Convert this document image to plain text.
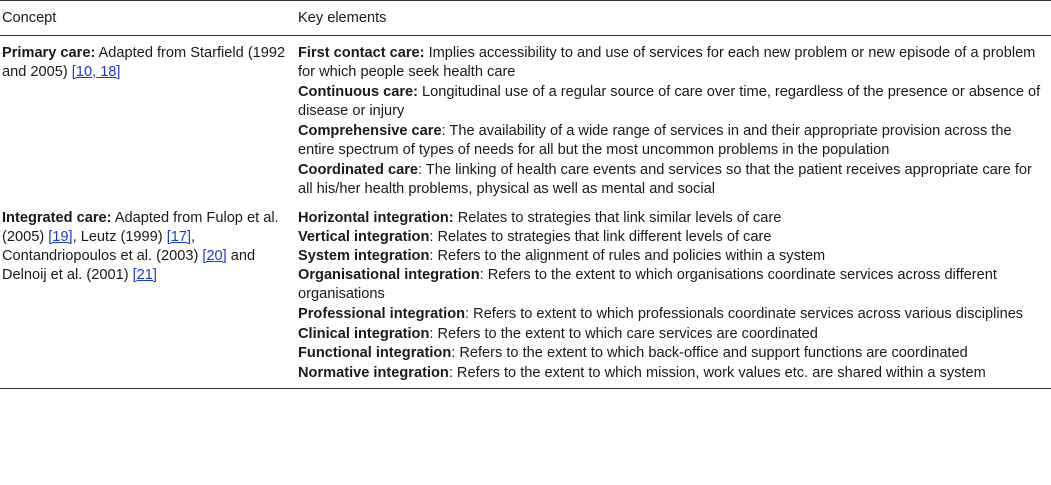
Concept	Key elements
Primary care: Adapted from Starfield (1992 and 2005) [10, 18]
First contact care: Implies accessibility to and use of services for each new problem or new episode of a problem for which people seek health care
Continuous care: Longitudinal use of a regular source of care over time, regardless of the presence or absence of disease or injury
Comprehensive care: The availability of a wide range of services in and their appropriate provision across the entire spectrum of types of needs for all but the most uncommon problems in the population
Coordinated care: The linking of health care events and services so that the patient receives appropriate care for all his/her health problems, physical as well as mental and social
Integrated care: Adapted from Fulop et al. (2005) [19], Leutz (1999) [17], Contandriopoulos et al. (2003) [20] and Delnoij et al. (2001) [21]
Horizontal integration: Relates to strategies that link similar levels of care
Vertical integration: Relates to strategies that link different levels of care
System integration: Refers to the alignment of rules and policies within a system
Organisational integration: Refers to the extent to which organisations coordinate services across different organisations
Professional integration: Refers to extent to which professionals coordinate services across various disciplines
Clinical integration: Refers to the extent to which care services are coordinated
Functional integration: Refers to the extent to which back-office and support functions are coordinated
Normative integration: Refers to the extent to which mission, work values etc. are shared within a system
